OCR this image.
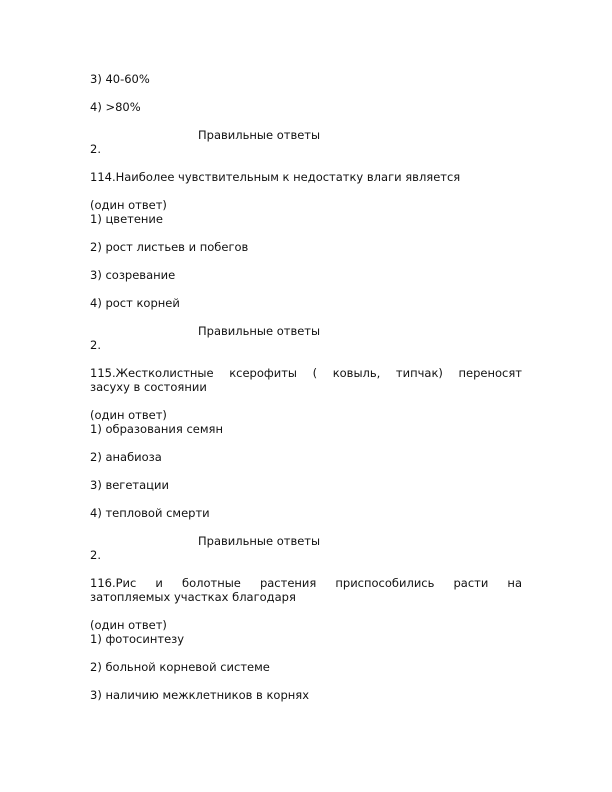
3) 40-60%
4) >80%
Правильные ответы
2.
114.Наиболее чувствительным к недостатку влаги является
(один ответ)
1) цветение
2) рост листьев и побегов
3) созревание
4) рост корней
Правильные ответы
2.
115.Жестколистные ксерофиты ( ковыль, типчак) переносят
засуху в состоянии
(один ответ)
1) образования семян
2) анабиоза
3) вегетации
4) тепловой смерти
Правильные ответы
2.
116.Рис и болотные растения приспособились расти на
затопляемых участках благодаря
(один ответ)
1) фотосинтезу
2) больной корневой системе
3) наличию межклетников в корнях
